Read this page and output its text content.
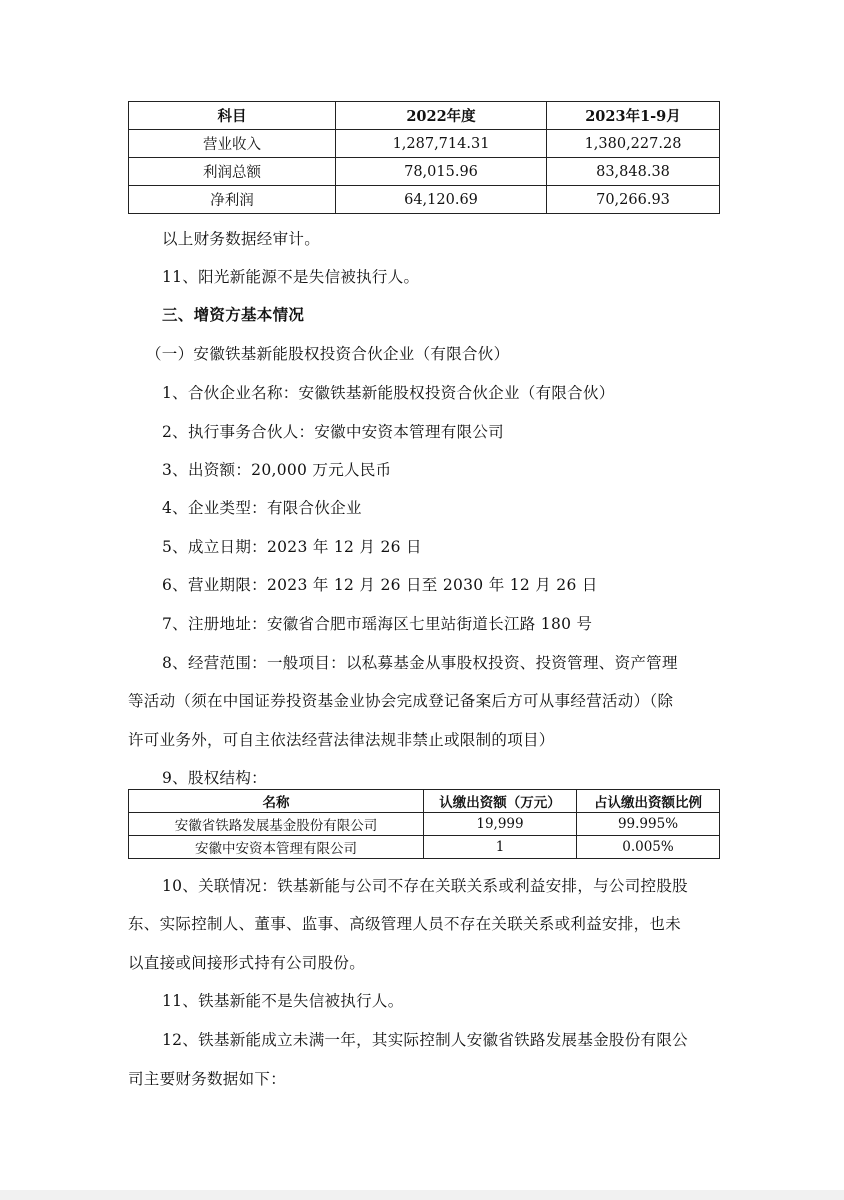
科目	2022年度	2023年1-9月
营业收入	1,287,714.31	1,380,227.28
利润总额	78,015.96	83,848.38
净利润	64,120.69	70,266.93
以上财务数据经审计。
11、阳光新能源不是失信被执行人。
三、增资方基本情况
（一）安徽铁基新能股权投资合伙企业（有限合伙）
1、合伙企业名称：安徽铁基新能股权投资合伙企业（有限合伙）
2、执行事务合伙人：安徽中安资本管理有限公司
3、出资额：20,000 万元人民币
4、企业类型：有限合伙企业
5、成立日期：2023 年 12 月 26 日
6、营业期限：2023 年 12 月 26 日至 2030 年 12 月 26 日
7、注册地址：安徽省合肥市瑶海区七里站街道长江路 180 号
8、经营范围：一般项目：以私募基金从事股权投资、投资管理、资产管理
等活动（须在中国证券投资基金业协会完成登记备案后方可从事经营活动）（除
许可业务外，可自主依法经营法律法规非禁止或限制的项目）
9、股权结构：
名称	认缴出资额（万元）	占认缴出资额比例
安徽省铁路发展基金股份有限公司	19,999	99.995%
安徽中安资本管理有限公司	1	0.005%
10、关联情况：铁基新能与公司不存在关联关系或利益安排，与公司控股股
东、实际控制人、董事、监事、高级管理人员不存在关联关系或利益安排，也未
以直接或间接形式持有公司股份。
11、铁基新能不是失信被执行人。
12、铁基新能成立未满一年，其实际控制人安徽省铁路发展基金股份有限公
司主要财务数据如下：
